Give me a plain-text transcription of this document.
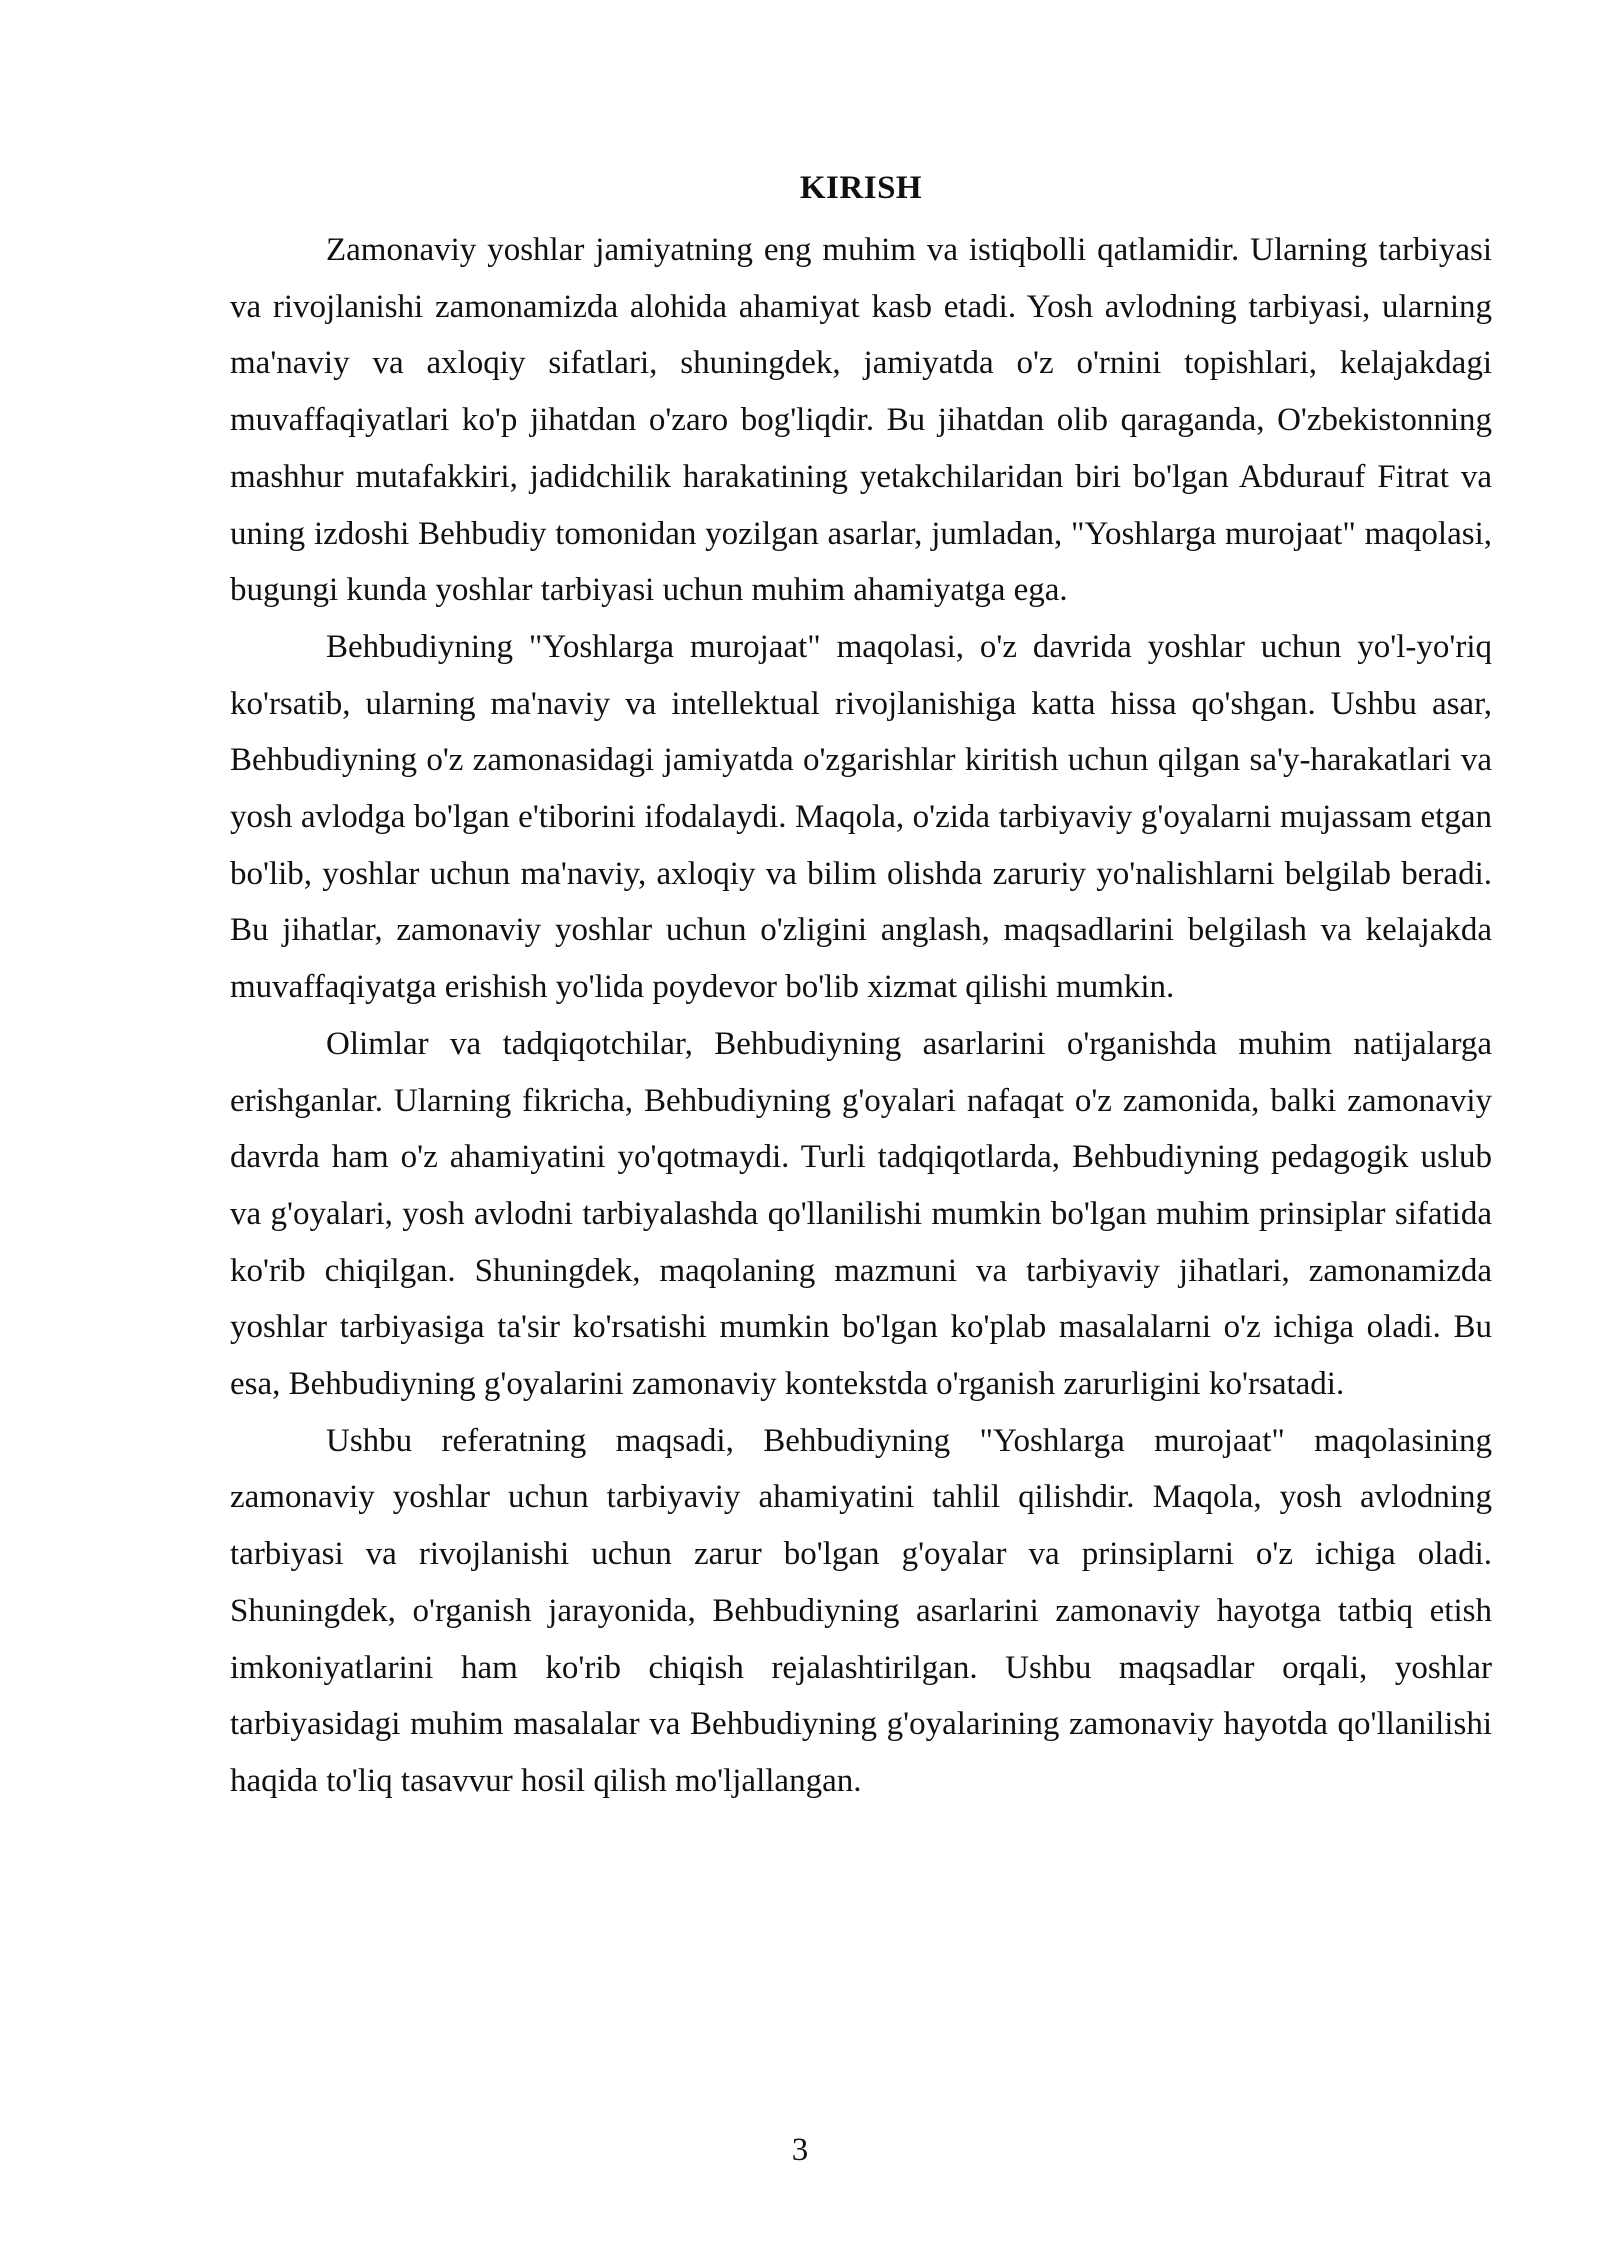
KIRISH

Zamonaviy yoshlar jamiyatning eng muhim va istiqbolli qatlamidir. Ularning tarbiyasi va rivojlanishi zamonamizda alohida ahamiyat kasb etadi. Yosh avlodning tarbiyasi, ularning ma'naviy va axloqiy sifatlari, shuningdek, jamiyatda o'z o'rnini topishlari, kelajakdagi muvaffaqiyatlari ko'p jihatdan o'zaro bog'liqdir. Bu jihatdan olib qaraganda, O'zbekistonning mashhur mutafakkiri, jadidchilik harakatining yetakchilaridan biri bo'lgan Abdurauf Fitrat va uning izdoshi Behbudiy tomonidan yozilgan asarlar, jumladan, "Yoshlarga murojaat" maqolasi, bugungi kunda yoshlar tarbiyasi uchun muhim ahamiyatga ega.

Behbudiyning "Yoshlarga murojaat" maqolasi, o'z davrida yoshlar uchun yo'l-yo'riq ko'rsatib, ularning ma'naviy va intellektual rivojlanishiga katta hissa qo'shgan. Ushbu asar, Behbudiyning o'z zamonasidagi jamiyatda o'zgarishlar kiritish uchun qilgan sa'y-harakatlari va yosh avlodga bo'lgan e'tiborini ifodalaydi. Maqola, o'zida tarbiyaviy g'oyalarni mujassam etgan bo'lib, yoshlar uchun ma'naviy, axloqiy va bilim olishda zaruriy yo'nalishlarni belgilab beradi. Bu jihatlar, zamonaviy yoshlar uchun o'zligini anglash, maqsadlarini belgilash va kelajakda muvaffaqiyatga erishish yo'lida poydevor bo'lib xizmat qilishi mumkin.

Olimlar va tadqiqotchilar, Behbudiyning asarlarini o'rganishda muhim natijalarga erishganlar. Ularning fikricha, Behbudiyning g'oyalari nafaqat o'z zamonida, balki zamonaviy davrda ham o'z ahamiyatini yo'qotmaydi. Turli tadqiqotlarda, Behbudiyning pedagogik uslub va g'oyalari, yosh avlodni tarbiyalashda qo'llanilishi mumkin bo'lgan muhim prinsiplar sifatida ko'rib chiqilgan. Shuningdek, maqolaning mazmuni va tarbiyaviy jihatlari, zamonamizda yoshlar tarbiyasiga ta'sir ko'rsatishi mumkin bo'lgan ko'plab masalalarni o'z ichiga oladi. Bu esa, Behbudiyning g'oyalarini zamonaviy kontekstda o'rganish zarurligini ko'rsatadi.

Ushbu referatning maqsadi, Behbudiyning "Yoshlarga murojaat" maqolasining zamonaviy yoshlar uchun tarbiyaviy ahamiyatini tahlil qilishdir. Maqola, yosh avlodning tarbiyasi va rivojlanishi uchun zarur bo'lgan g'oyalar va prinsiplarni o'z ichiga oladi. Shuningdek, o'rganish jarayonida, Behbudiyning asarlarini zamonaviy hayotga tatbiq etish imkoniyatlarini ham ko'rib chiqish rejalashtirilgan. Ushbu maqsadlar orqali, yoshlar tarbiyasidagi muhim masalalar va Behbudiyning g'oyalarining zamonaviy hayotda qo'llanilishi haqida to'liq tasavvur hosil qilish mo'ljallangan.

3
